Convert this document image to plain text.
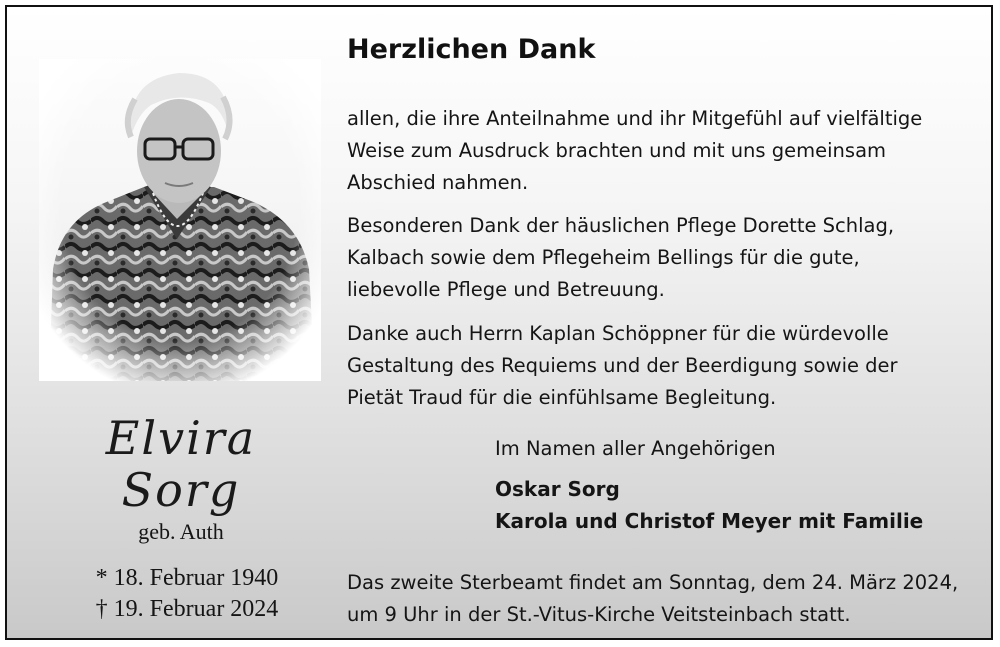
Elvira
Sorg
geb. Auth
* 18. Februar 1940
† 19. Februar 2024
Herzlichen Dank
allen, die ihre Anteilnahme und ihr Mitgefühl auf vielfältige
Weise zum Ausdruck brachten und mit uns gemeinsam
Abschied nahmen.
Besonderen Dank der häuslichen Pflege Dorette Schlag,
Kalbach sowie dem Pflegeheim Bellings für die gute,
liebevolle Pflege und Betreuung.
Danke auch Herrn Kaplan Schöppner für die würdevolle
Gestaltung des Requiems und der Beerdigung sowie der
Pietät Traud für die einfühlsame Begleitung.
Im Namen aller Angehörigen
Oskar Sorg
Karola und Christof Meyer mit Familie
Das zweite Sterbeamt findet am Sonntag, dem 24. März 2024,
um 9 Uhr in der St.-Vitus-Kirche Veitsteinbach statt.
